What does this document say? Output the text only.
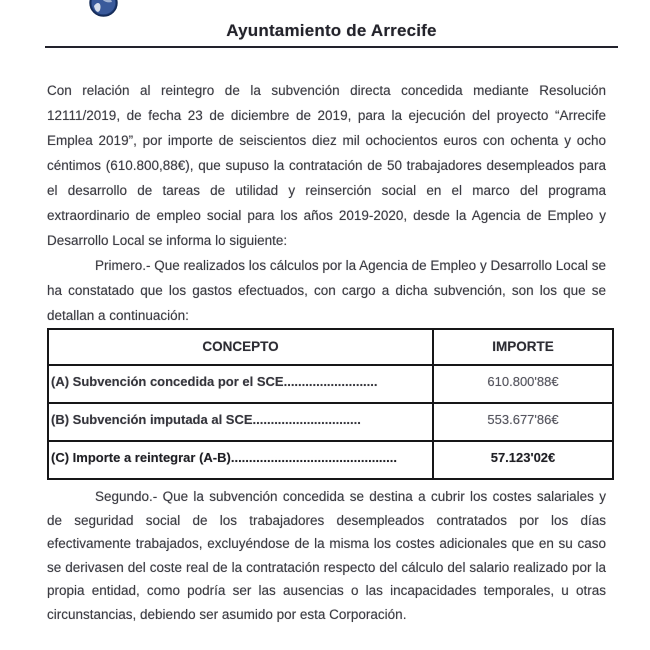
Ayuntamiento de Arrecife

Con relación al reintegro de la subvención directa concedida mediante Resolución 12111/2019, de fecha 23 de diciembre de 2019, para la ejecución del proyecto “Arrecife Emplea 2019”, por importe de seiscientos diez mil ochocientos euros con ochenta y ocho céntimos (610.800,88€), que supuso la contratación de 50 trabajadores desempleados para el desarrollo de tareas de utilidad y reinserción social en el marco del programa extraordinario de empleo social para los años 2019-2020, desde la Agencia de Empleo y Desarrollo Local se informa lo siguiente:

Primero.- Que realizados los cálculos por la Agencia de Empleo y Desarrollo Local se ha constatado que los gastos efectuados, con cargo a dicha subvención, son los que se detallan a continuación:

CONCEPTO	IMPORTE
(A) Subvención concedida por el SCE..........................	610.800'88€
(B) Subvención imputada al SCE..............................	553.677'86€
(C) Importe a reintegrar (A-B)..............................................	57.123'02€

Segundo.- Que la subvención concedida se destina a cubrir los costes salariales y de seguridad social de los trabajadores desempleados contratados por los días efectivamente trabajados, excluyéndose de la misma los costes adicionales que en su caso se derivasen del coste real de la contratación respecto del cálculo del salario realizado por la propia entidad, como podría ser las ausencias o las incapacidades temporales, u otras circunstancias, debiendo ser asumido por esta Corporación.
